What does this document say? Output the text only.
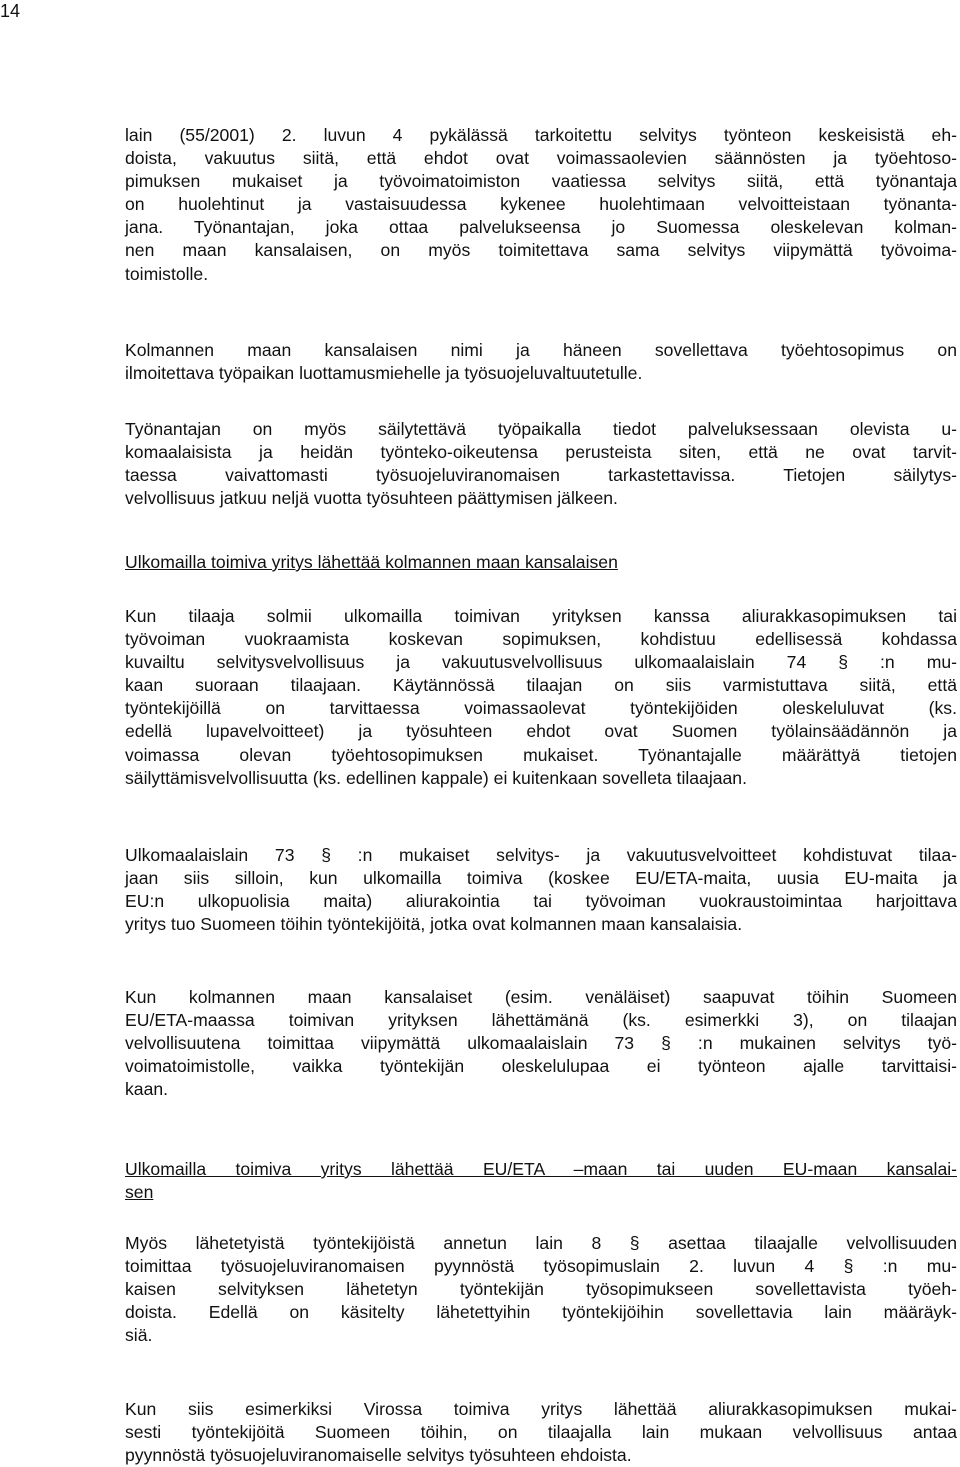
14

lain (55/2001) 2. luvun 4 pykälässä tarkoitettu selvitys työnteon keskeisistä eh-
doista, vakuutus siitä, että ehdot ovat voimassaolevien säännösten ja työehtoso-
pimuksen mukaiset ja työvoimatoimiston vaatiessa selvitys siitä, että työnantaja
on huolehtinut ja vastaisuudessa kykenee huolehtimaan velvoitteistaan työnanta-
jana. Työnantajan, joka ottaa palvelukseensa jo Suomessa oleskelevan kolman-
nen maan kansalaisen, on myös toimitettava sama selvitys viipymättä työvoima-
toimistolle.

Kolmannen maan kansalaisen nimi ja häneen sovellettava työehtosopimus on
ilmoitettava työpaikan luottamusmiehelle ja työsuojeluvaltuutetulle.

Työnantajan on myös säilytettävä työpaikalla tiedot palveluksessaan olevista u-
komaalaisista ja heidän työnteko-oikeutensa perusteista siten, että ne ovat tarvit-
taessa vaivattomasti työsuojeluviranomaisen tarkastettavissa. Tietojen säilytys-
velvollisuus jatkuu neljä vuotta työsuhteen päättymisen jälkeen.

Ulkomailla toimiva yritys lähettää kolmannen maan kansalaisen

Kun tilaaja solmii ulkomailla toimivan yrityksen kanssa aliurakkasopimuksen tai
työvoiman vuokraamista koskevan sopimuksen, kohdistuu edellisessä kohdassa
kuvailtu selvitysvelvollisuus ja vakuutusvelvollisuus ulkomaalaislain 74 § :n mu-
kaan suoraan tilaajaan. Käytännössä tilaajan on siis varmistuttava siitä, että
työntekijöillä on tarvittaessa voimassaolevat työntekijöiden oleskeluluvat (ks.
edellä lupavelvoitteet) ja työsuhteen ehdot ovat Suomen työlainsäädännön ja
voimassa olevan työehtosopimuksen mukaiset. Työnantajalle määrättyä tietojen
säilyttämisvelvollisuutta (ks. edellinen kappale) ei kuitenkaan sovelleta tilaajaan.

Ulkomaalaislain 73 § :n mukaiset selvitys- ja vakuutusvelvoitteet kohdistuvat tilaa-
jaan siis silloin, kun ulkomailla toimiva (koskee EU/ETA-maita, uusia EU-maita ja
EU:n ulkopuolisia maita) aliurakointia tai työvoiman vuokraustoimintaa harjoittava
yritys tuo Suomeen töihin työntekijöitä, jotka ovat kolmannen maan kansalaisia.

Kun kolmannen maan kansalaiset (esim. venäläiset) saapuvat töihin Suomeen
EU/ETA-maassa toimivan yrityksen lähettämänä (ks. esimerkki 3), on tilaajan
velvollisuutena toimittaa viipymättä ulkomaalaislain 73 § :n mukainen selvitys työ-
voimatoimistolle, vaikka työntekijän oleskelulupaa ei työnteon ajalle tarvittaisi-
kaan.

Ulkomailla toimiva yritys lähettää EU/ETA –maan tai uuden EU-maan kansalai-
sen

Myös lähetetyistä työntekijöistä annetun lain 8 § asettaa tilaajalle velvollisuuden
toimittaa työsuojeluviranomaisen pyynnöstä työsopimuslain 2. luvun 4 § :n mu-
kaisen selvityksen lähetetyn työntekijän työsopimukseen sovellettavista työeh-
doista. Edellä on käsitelty lähetettyihin työntekijöihin sovellettavia lain määräyk-
siä.

Kun siis esimerkiksi Virossa toimiva yritys lähettää aliurakkasopimuksen mukai-
sesti työntekijöitä Suomeen töihin, on tilaajalla lain mukaan velvollisuus antaa
pyynnöstä työsuojeluviranomaiselle selvitys työsuhteen ehdoista.
